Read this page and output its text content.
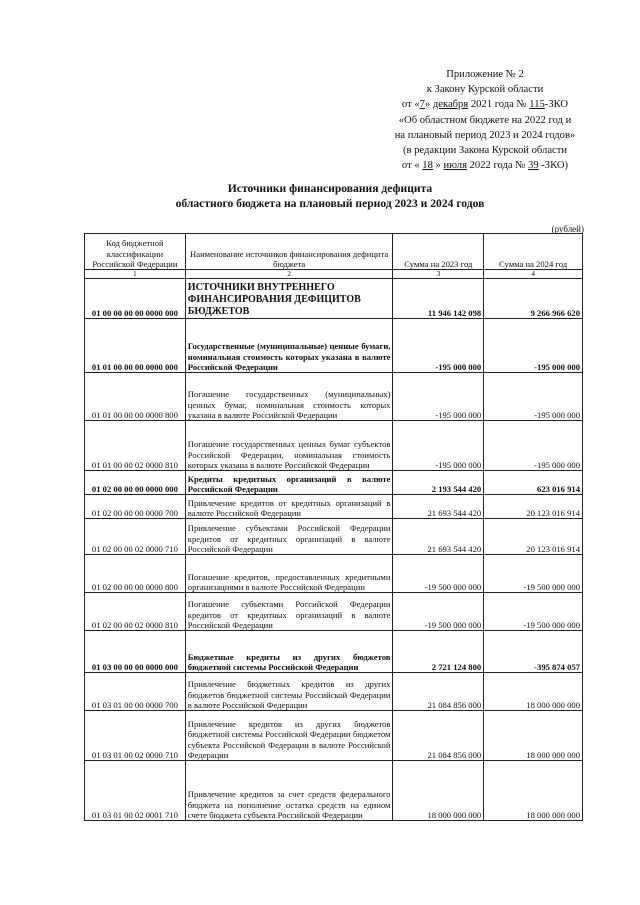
Приложение № 2
к Закону Курской области
от «7» декабря 2021 года № 115-ЗКО
«Об областном бюджете на 2022 год и
на плановый период 2023 и 2024 годов»
(в редакции Закона Курской области
от « 18 » июля 2022 года № 39 -ЗКО)
Источники финансирования дефицита
областного бюджета на плановый период 2023 и 2024 годов
(рублей)
Код бюджетной классификации Российской Федерации	Наименование источников финансирования дефицита бюджета	Сумма на 2023 год	Сумма на 2024 год
1	2	3	4
01 00 00 00 00 0000 000	ИСТОЧНИКИ ВНУТРЕННЕГО ФИНАНСИРОВАНИЯ ДЕФИЦИТОВ БЮДЖЕТОВ	11 946 142 098	9 266 966 620
01 01 00 00 00 0000 000	Государственные (муниципальные) ценные бумаги, номинальная стоимость которых указана в валюте Российской Федерации	-195 000 000	-195 000 000
01 01 00 00 00 0000 800	Погашение государственных (муниципальных) ценных бумаг, номинальная стоимость которых указана в валюте Российской Федерации	-195 000 000	-195 000 000
01 01 00 00 02 0000 810	Погашение государственных ценных бумаг субъектов Российской Федерации, номинальная стоимость которых указана в валюте Российской Федерации	-195 000 000	-195 000 000
01 02 00 00 00 0000 000	Кредиты кредитных организаций в валюте Российской Федерации	2 193 544 420	623 016 914
01 02 00 00 00 0000 700	Привлечение кредитов от кредитных организаций в валюте Российской Федерации	21 693 544 420	20 123 016 914
01 02 00 00 02 0000 710	Привлечение субъектами Российской Федерации кредитов от кредитных организаций в валюте Российской Федерации	21 693 544 420	20 123 016 914
01 02 00 00 00 0000 800	Погашение кредитов, предоставленных кредитными организациями в валюте Российской Федерации	-19 500 000 000	-19 500 000 000
01 02 00 00 02 0000 810	Погашение субъектами Российской Федерации кредитов от кредитных организаций в валюте Российской Федерации	-19 500 000 000	-19 500 000 000
01 03 00 00 00 0000 000	Бюджетные кредиты из других бюджетов бюджетной системы Российской Федерации	2 721 124 800	-395 874 057
01 03 01 00 00 0000 700	Привлечение бюджетных кредитов из других бюджетов бюджетной системы Российской Федерации в валюте Российской Федерации	21 084 856 000	18 000 000 000
01 03 01 00 02 0000 710	Привлечение кредитов из других бюджетов бюджетной системы Российской Федерации бюджетом субъекта Российской Федерации в валюте Российской Федерации	21 084 856 000	18 000 000 000
01 03 01 00 02 0001 710	Привлечение кредитов за счет средств федерального бюджета на пополнение остатка средств на едином счете бюджета субъекта Российской Федерации	18 000 000 000	18 000 000 000
